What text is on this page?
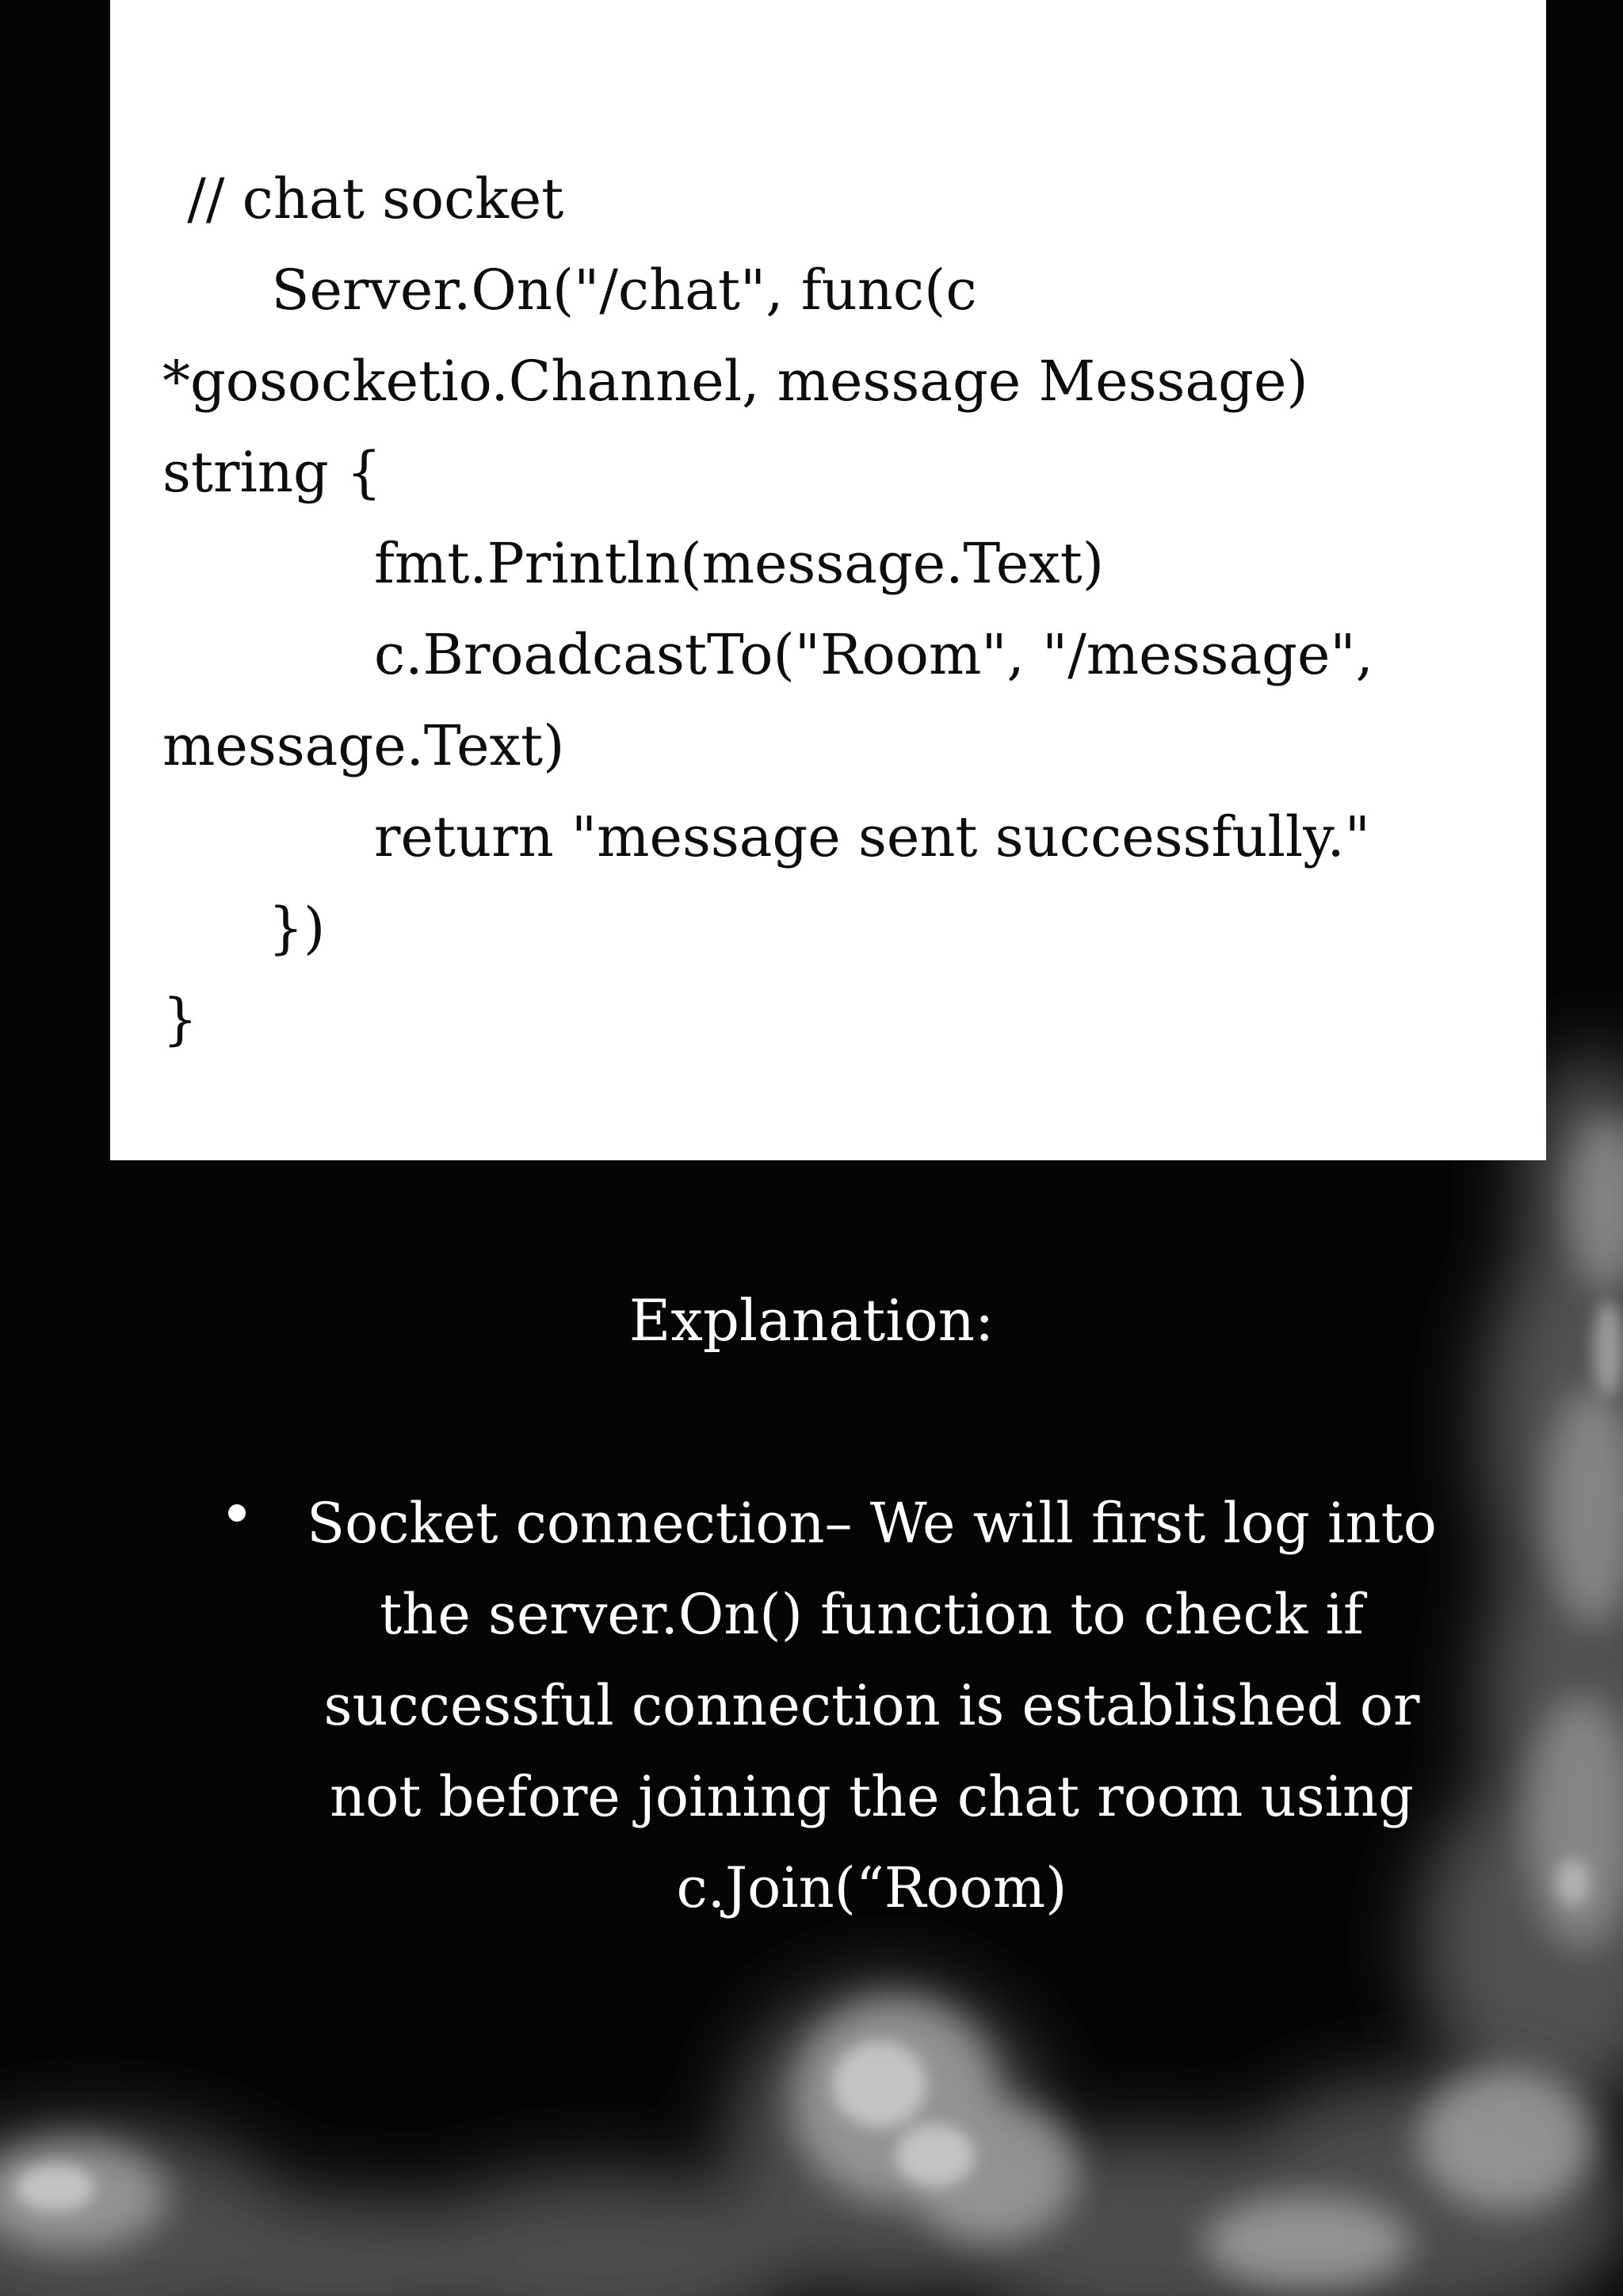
// chat socket
Server.On("/chat", func(c
*gosocketio.Channel, message Message)
string {
fmt.Println(message.Text)
c.BroadcastTo("Room", "/message",
message.Text)
return "message sent successfully."
})
}
Explanation:
Socket connection– We will first log into
the server.On() function to check if
successful connection is established or
not before joining the chat room using
c.Join(“Room)
